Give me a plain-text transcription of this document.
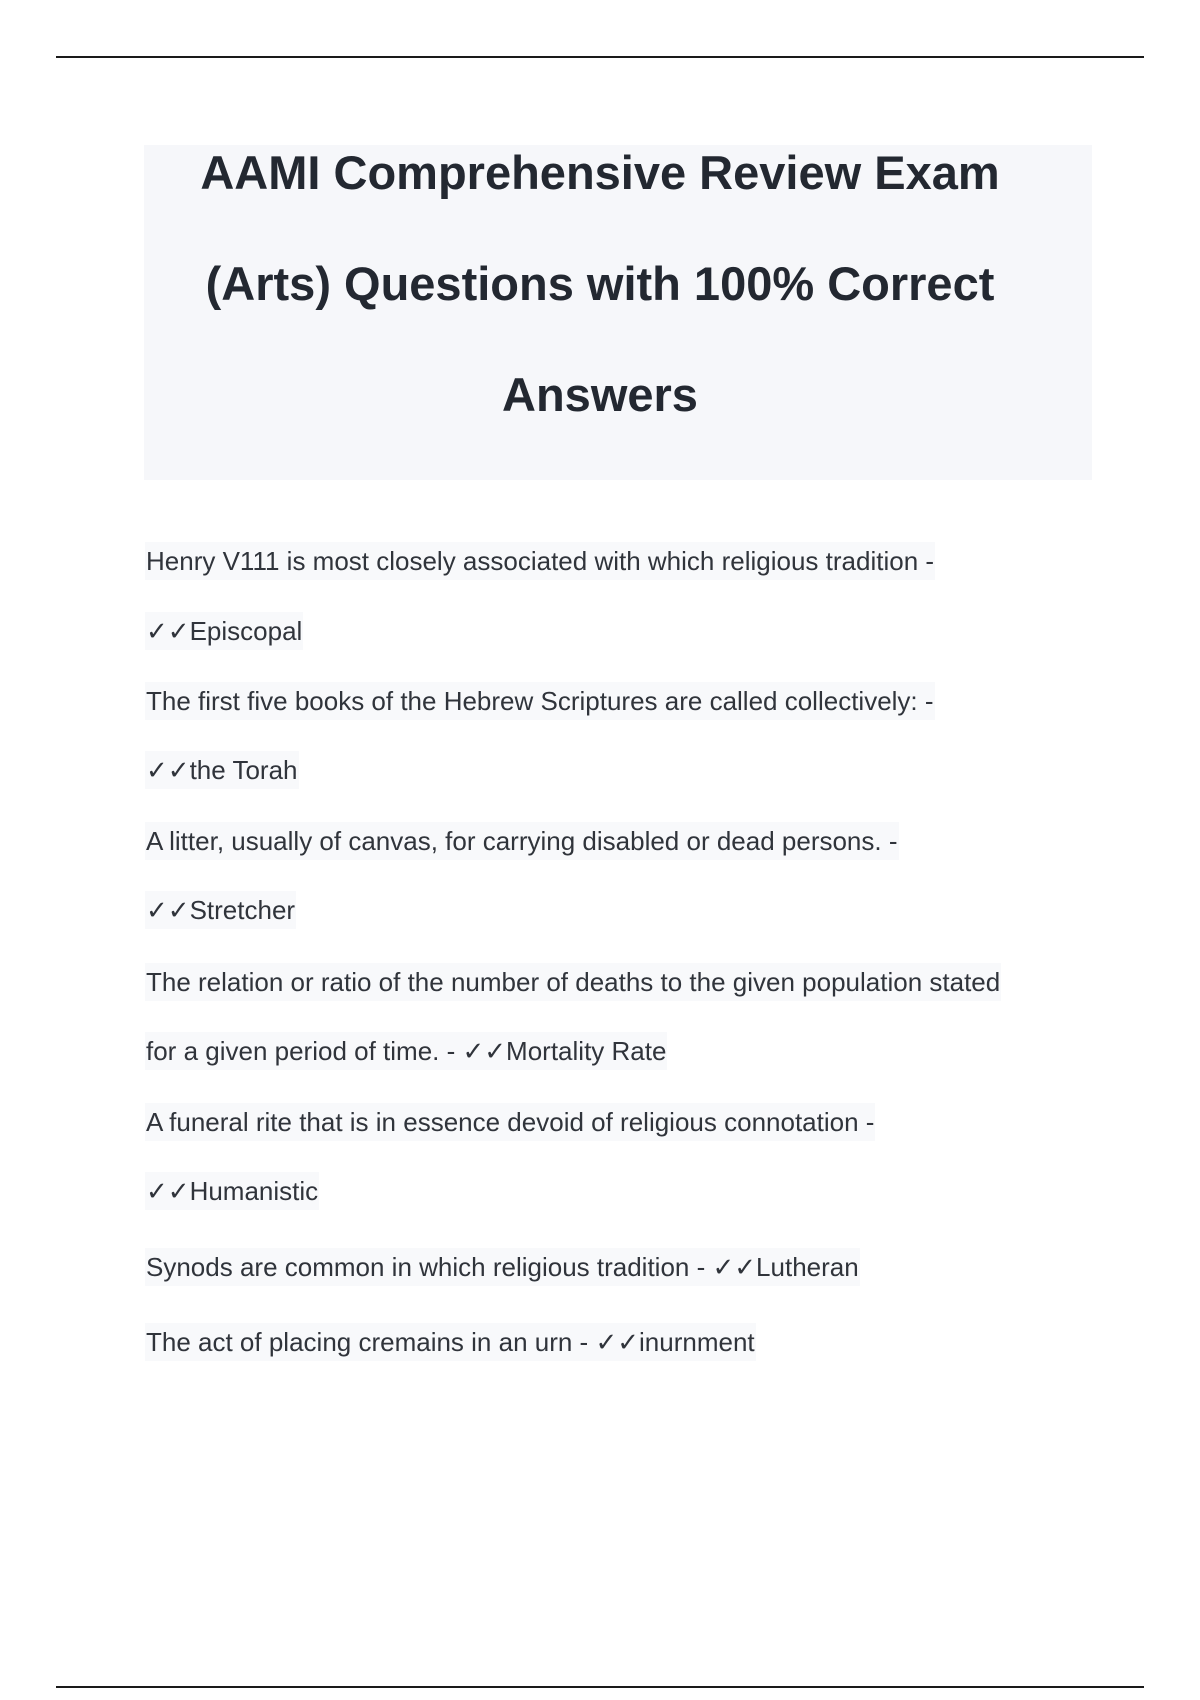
AAMI Comprehensive Review Exam
(Arts) Questions with 100% Correct
Answers
Henry V111 is most closely associated with which religious tradition -
✓✓Episcopal
The first five books of the Hebrew Scriptures are called collectively: -
✓✓the Torah
A litter, usually of canvas, for carrying disabled or dead persons. -
✓✓Stretcher
The relation or ratio of the number of deaths to the given population stated
for a given period of time. - ✓✓Mortality Rate
A funeral rite that is in essence devoid of religious connotation -
✓✓Humanistic
Synods are common in which religious tradition - ✓✓Lutheran
The act of placing cremains in an urn - ✓✓inurnment
